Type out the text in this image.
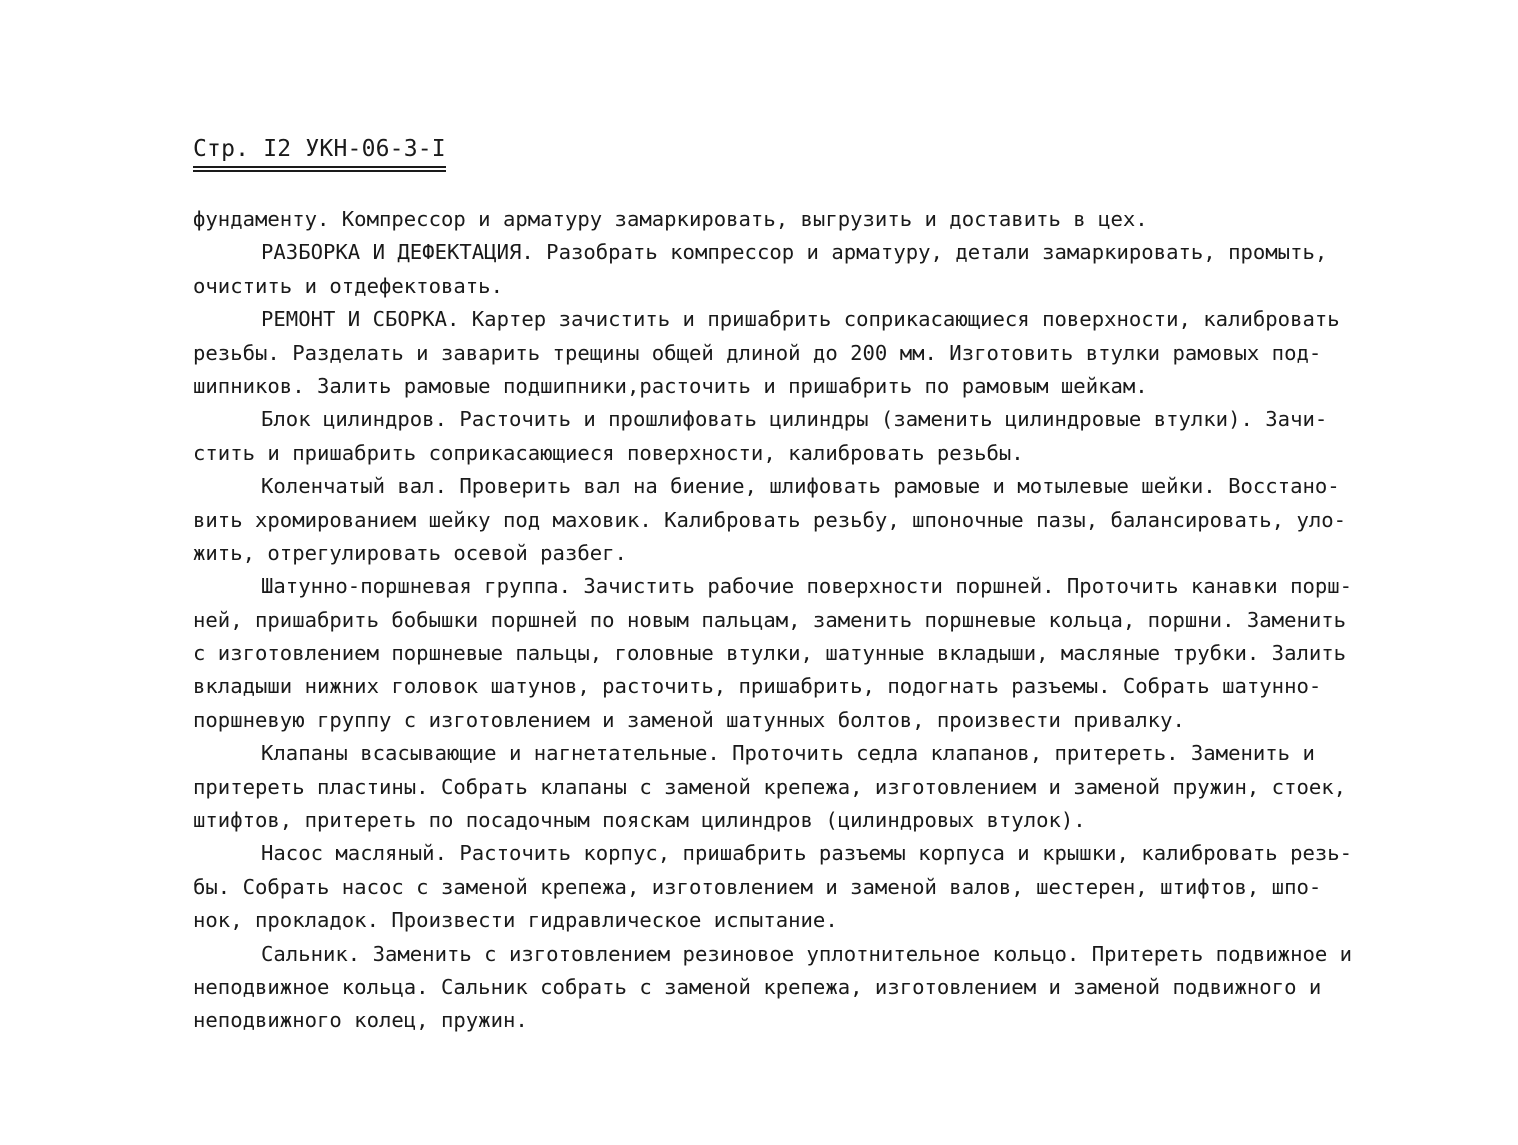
Стр. I2 УКН-06-3-I
фундаменту. Компрессор и арматуру замаркировать, выгрузить и доставить в цех.
РАЗБОРКА И ДЕФЕКТАЦИЯ. Разобрать компрессор и арматуру, детали замаркировать, промыть,
очистить и отдефектовать.
РЕМОНТ И СБОРКА. Картер зачистить и пришабрить соприкасающиеся поверхности, калибровать
резьбы. Разделать и заварить трещины общей длиной до 200 мм. Изготовить втулки рамовых под-
шипников. Залить рамовые подшипники,расточить и пришабрить по рамовым шейкам.
Блок цилиндров. Расточить и прошлифовать цилиндры (заменить цилиндровые втулки). Зачи-
стить и пришабрить соприкасающиеся поверхности, калибровать резьбы.
Коленчатый вал. Проверить вал на биение, шлифовать рамовые и мотылевые шейки. Восстано-
вить хромированием шейку под маховик. Калибровать резьбу, шпоночные пазы, балансировать, уло-
жить, отрегулировать осевой разбег.
Шатунно-поршневая группа. Зачистить рабочие поверхности поршней. Проточить канавки порш-
ней, пришабрить бобышки поршней по новым пальцам, заменить поршневые кольца, поршни. Заменить
с изготовлением поршневые пальцы, головные втулки, шатунные вкладыши, масляные трубки. Залить
вкладыши нижних головок шатунов, расточить, пришабрить, подогнать разъемы. Собрать шатунно-
поршневую группу с изготовлением и заменой шатунных болтов, произвести привалку.
Клапаны всасывающие и нагнетательные. Проточить седла клапанов, притереть. Заменить и
притереть пластины. Собрать клапаны с заменой крепежа, изготовлением и заменой пружин, стоек,
штифтов, притереть по посадочным пояскам цилиндров (цилиндровых втулок).
Насос масляный. Расточить корпус, пришабрить разъемы корпуса и крышки, калибровать резь-
бы. Собрать насос с заменой крепежа, изготовлением и заменой валов, шестерен, штифтов, шпо-
нок, прокладок. Произвести гидравлическое испытание.
Сальник. Заменить с изготовлением резиновое уплотнительное кольцо. Притереть подвижное и
неподвижное кольца. Сальник собрать с заменой крепежа, изготовлением и заменой подвижного и
неподвижного колец, пружин.
